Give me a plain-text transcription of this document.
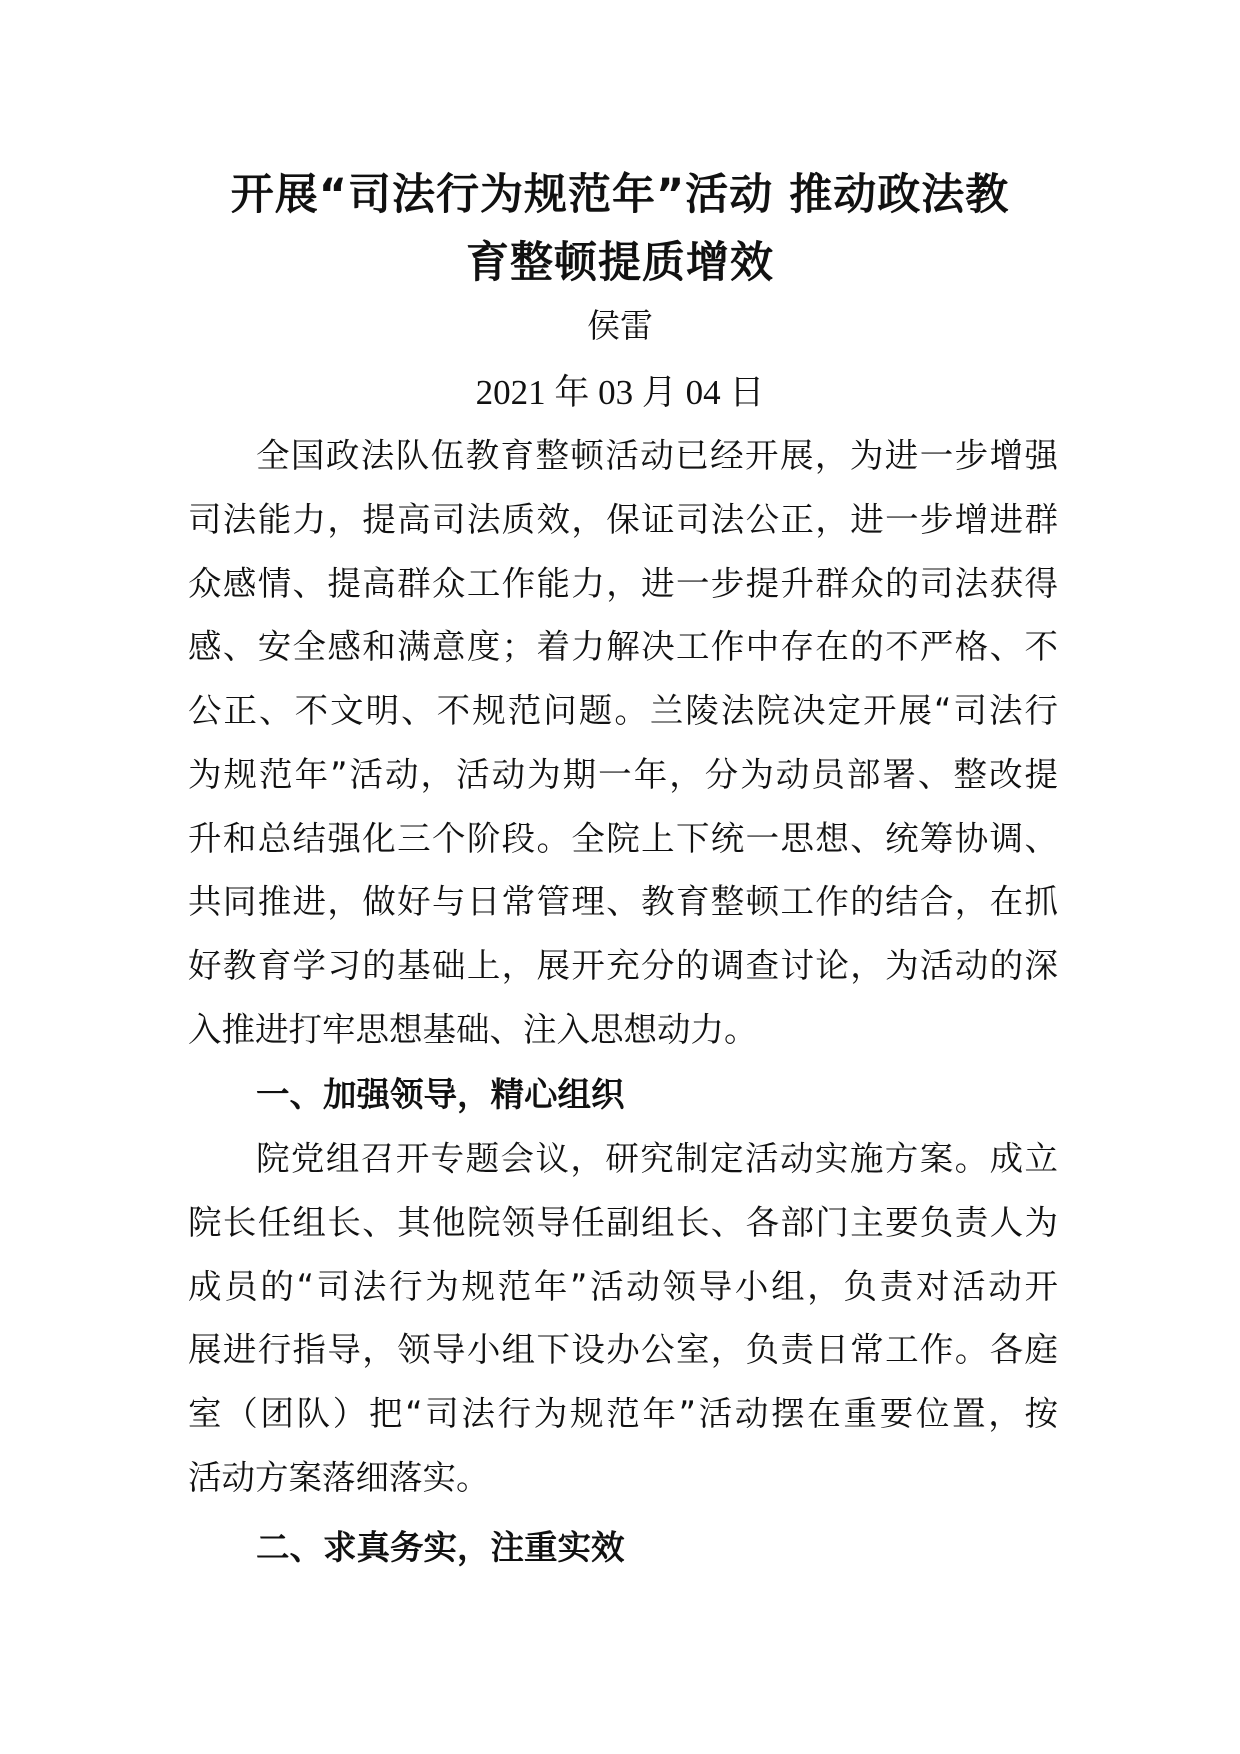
开展“司法行为规范年”活动 推动政法教
育整顿提质增效
侯雷
2021 年 03 月 04 日
全国政法队伍教育整顿活动已经开展，为进一步增强
司法能力，提高司法质效，保证司法公正，进一步增进群
众感情、提高群众工作能力，进一步提升群众的司法获得
感、安全感和满意度；着力解决工作中存在的不严格、不
公正、不文明、不规范问题。兰陵法院决定开展“司法行
为规范年”活动，活动为期一年，分为动员部署、整改提
升和总结强化三个阶段。全院上下统一思想、统筹协调、
共同推进，做好与日常管理、教育整顿工作的结合，在抓
好教育学习的基础上，展开充分的调查讨论，为活动的深
入推进打牢思想基础、注入思想动力。
一、加强领导，精心组织
院党组召开专题会议，研究制定活动实施方案。成立
院长任组长、其他院领导任副组长、各部门主要负责人为
成员的“司法行为规范年”活动领导小组，负责对活动开
展进行指导，领导小组下设办公室，负责日常工作。各庭
室（团队）把“司法行为规范年”活动摆在重要位置，按
活动方案落细落实。
二、求真务实，注重实效
